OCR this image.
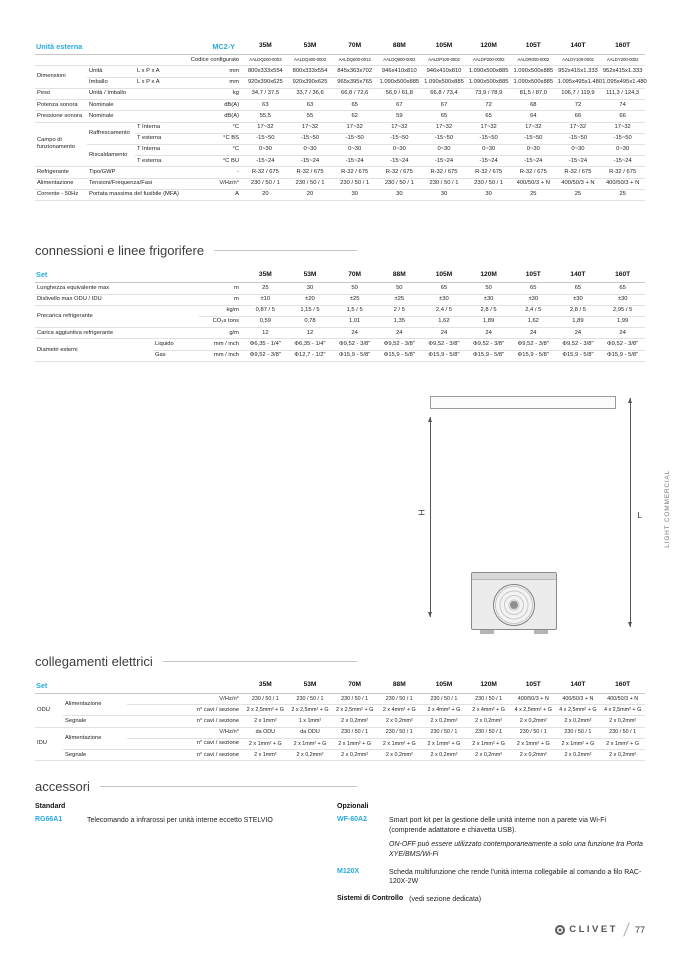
Unità esterna		MC2-Y		35M	53M	70M	88M	105M	120M	105T	140T	160T
Codice configurato				AALDQ200-0003	AALDQ400-0002	AALDQ600-0012	AALDQ900-0002	AALDP100-0002	AALDP200-0002	AALDR000-0002	AALDY100-0002	AALDY200-0002
Dimensioni	Unità	L x P x A	mm	800x333x554	800x333x554	845x363x702	946x410x810	946x410x810	1.090x500x885	1.090x500x885	952x415x1.333	952x415x1.333
	Imballo	L x P x A	mm	920x390x625	920x390x625	965x395x765	1.090x500x885	1.090x500x885	1.090x500x885	1.090x500x885	1.095x495x1.480	1.095x495x1.480
Peso	Unità / Imballo		kg	34,7 / 37,5	33,7 / 36,6	66,8 / 72,6	56,9 / 61,8	66,8 / 73,4	73,9 / 78,9	81,5 / 87,0	106,7 / 119,9	111,3 / 124,3
Potenza sonora	Nominale		dB(A)	63	63	65	67	67	72	68	72	74
Pressione sonora	Nominale		dB(A)	55,5	55	62	59	65	65	64	66	66
Campo di funzionamento	Raffrescamento	T Interna	°C	17~32	17~32	17~32	17~32	17~32	17~32	17~32	17~32	17~32
		T esterna	°C BS	-15~50	-15~50	-15~50	-15~50	-15~50	-15~50	-15~50	-15~50	-15~50
	Riscaldamento	T Interna	°C	0~30	0~30	0~30	0~30	0~30	0~30	0~30	0~30	0~30
		T esterna	°C BU	-15~24	-15~24	-15~24	-15~24	-15~24	-15~24	-15~24	-15~24	-15~24
Refrigerante	Tipo/GWP		-	R-32 / 675	R-32 / 675	R-32 / 675	R-32 / 675	R-32 / 675	R-32 / 675	R-32 / 675	R-32 / 675	R-32 / 675
Alimentazione	Tensioni/Frequenza/Fasi		V/Hz/n°	230 / 50 / 1	230 / 50 / 1	230 / 50 / 1	230 / 50 / 1	230 / 50 / 1	230 / 50 / 1	400/50/3 + N	400/50/3 + N	400/50/3 + N
Corrente - 50Hz	Portata massima del fusibile (MFA)		A	20	20	30	30	30	30	25	25	25
connessioni e linee frigorifere
Set			35M	53M	70M	88M	105M	120M	105T	140T	160T
Lunghezza equivalente max		m	25	30	50	50	65	50	65	65	65
Dislivello max ODU / IDU		m	±10	±20	±25	±25	±30	±30	±30	±30	±30
Precarica refrigerante		kg/m	0,87 / 5	1,15 / 5	1,5 / 5	2 / 5	2,4 / 5	2,8 / 5	2,4 / 5	2,8 / 5	2,95 / 5
		CO₂s tons	0,59	0,78	1,01	1,35	1,62	1,89	1,62	1,89	1,99
Carica aggiuntiva refrigerante		g/m	12	12	24	24	24	24	24	24	24
Diametri esterni	Liquido	mm / inch	Φ6,35 - 1/4"	Φ6,35 - 1/4"	Φ9,52 - 3/8"	Φ9,52 - 3/8"	Φ9,52 - 3/8"	Φ9,52 - 3/8"	Φ9,52 - 3/8"	Φ9,52 - 3/8"	Φ9,52 - 3/8"
	Gas	mm / inch	Φ9,52 - 3/8"	Φ12,7 - 1/2"	Φ15,9 - 5/8"	Φ15,9 - 5/8"	Φ15,9 - 5/8"	Φ15,9 - 5/8"	Φ15,9 - 5/8"	Φ15,9 - 5/8"	Φ15,9 - 5/8"
H	L
collegamenti elettrici
Set			35M	53M	70M	88M	105M	120M	105T	140T	160T
ODU	Alimentazione	V/Hz/n°	230 / 50 / 1	230 / 50 / 1	230 / 50 / 1	230 / 50 / 1	230 / 50 / 1	230 / 50 / 1	400/50/3 + N	400/50/3 + N	400/50/3 + N
		n° cavi / sezione	2 x 2,5mm² + G	2 x 2,5mm² + G	2 x 2,5mm² + G	2 x 4mm² + G	2 x 4mm² + G	2 x 4mm² + G	4 x 2,5mm² + G	4 x 2,5mm² + G	4 x 2,5mm² + G
	Segnale	n° cavi / sezione	2 x 1mm²	1 x 1mm²	2 x 0,2mm²	2 x 0,2mm²	2 x 0,2mm²	2 x 0,2mm²	2 x 0,2mm²	2 x 0,2mm²	2 x 0,2mm²
IDU	Alimentazione	V/Hz/n°	da ODU	da ODU	230 / 50 / 1	230 / 50 / 1	230 / 50 / 1	230 / 50 / 1	230 / 50 / 1	230 / 50 / 1	230 / 50 / 1
		n° cavi / sezione	2 x 1mm² + G	2 x 1mm² + G	2 x 1mm² + G	2 x 1mm² + G	2 x 1mm² + G	2 x 1mm² + G	2 x 1mm² + G	2 x 1mm² + G	2 x 1mm² + G
	Segnale	n° cavi / sezione	2 x 1mm²	2 x 0,2mm²	2 x 0,2mm²	2 x 0,2mm²	2 x 0,2mm²	2 x 0,2mm²	2 x 0,2mm²	2 x 0,2mm²	2 x 0,2mm²
accessori
Standard
RG66A1	Telecomando a infrarossi per unità interne eccetto STELVIO
Opzionali
WF-60A2	Smart port kit per la gestione delle unità interne non a parete via Wi-Fi (comprende adattatore e chiavetta USB).
ON-OFF può essere utilizzato contemporaneamente a solo una funzione tra Porta XYE/BMS/Wi-Fi
M120X	Scheda multifunzione che rende l'unità interna collegabile al comando a filo RAC-120X-2W
Sistemi di Controllo (vedi sezione dedicata)
LIGHT COMMERCIAL
CLIVET 77
